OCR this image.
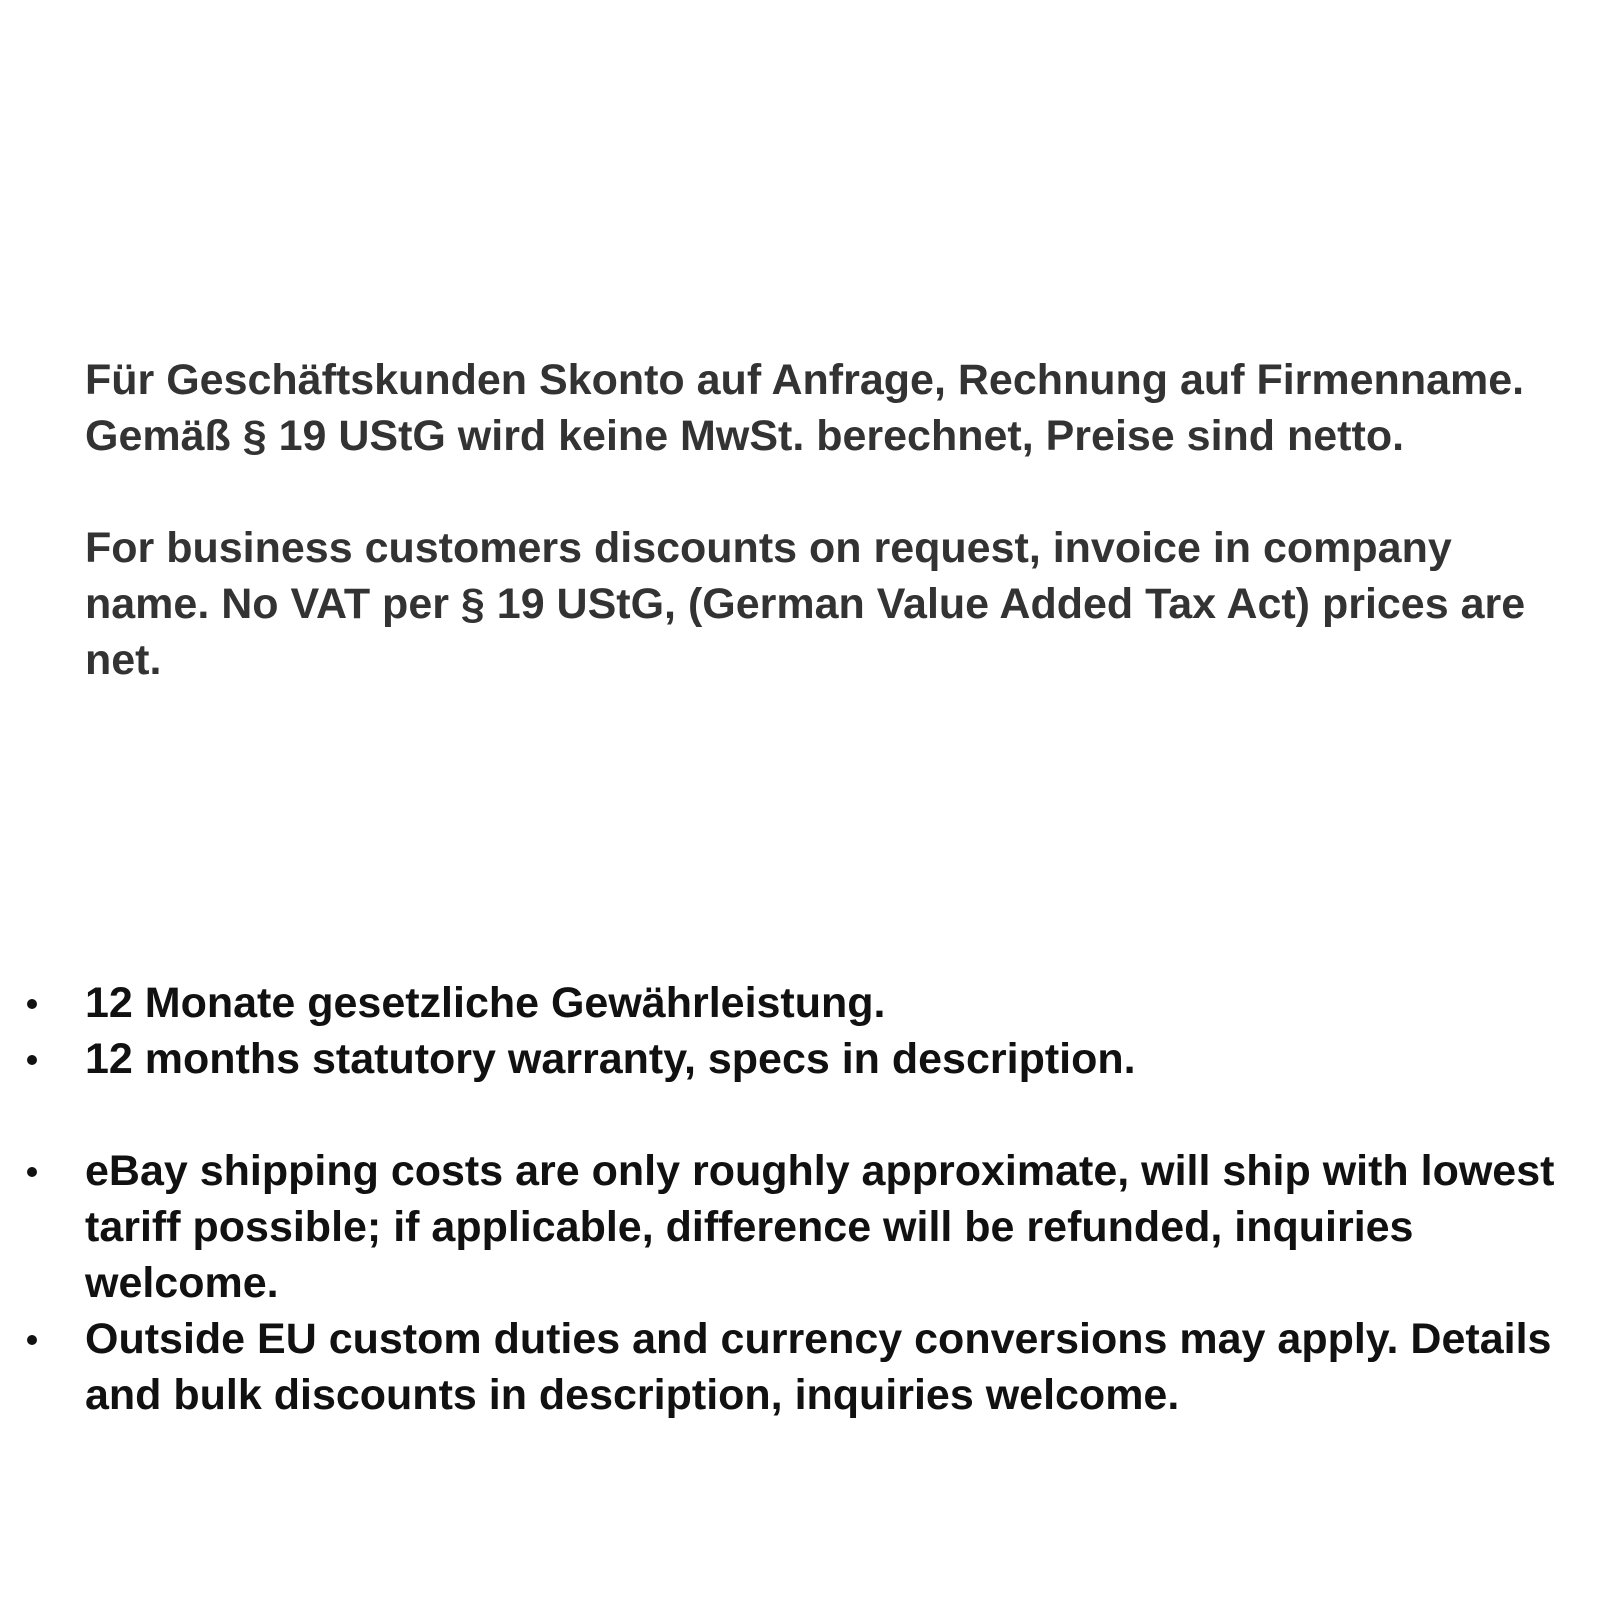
Für Geschäftskunden Skonto auf Anfrage, Rechnung auf Firmenname. Gemäß § 19 UStG wird keine MwSt. berechnet, Preise sind netto.

For business customers discounts on request, invoice in company name. No VAT per § 19 UStG, (German Value Added Tax Act) prices are net.

12 Monate gesetzliche Gewährleistung.
12 months statutory warranty, specs in description.
eBay shipping costs are only roughly approximate, will ship with lowest tariff possible; if applicable, difference will be refunded, inquiries welcome.
Outside EU custom duties and currency conversions may apply. Details and bulk discounts in description, inquiries welcome.
